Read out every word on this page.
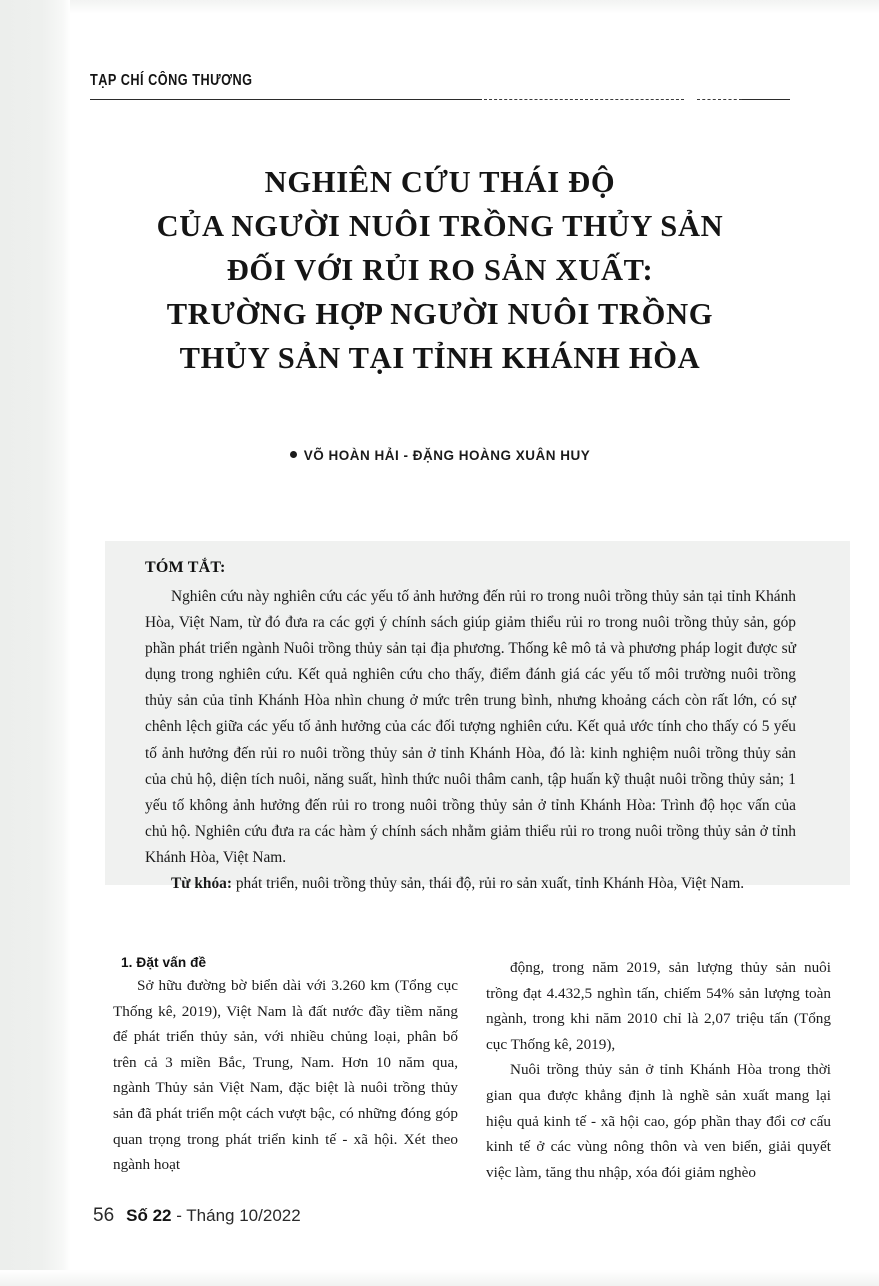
TẠP CHÍ CÔNG THƯƠNG
NGHIÊN CỨU THÁI ĐỘ
CỦA NGƯỜI NUÔI TRỒNG THỦY SẢN
ĐỐI VỚI RỦI RO SẢN XUẤT:
TRƯỜNG HỢP NGƯỜI NUÔI TRỒNG
THỦY SẢN TẠI TỈNH KHÁNH HÒA
VÕ HOÀN HẢI - ĐẶNG HOÀNG XUÂN HUY
TÓM TẮT:

Nghiên cứu này nghiên cứu các yếu tố ảnh hưởng đến rủi ro trong nuôi trồng thủy sản tại tỉnh Khánh Hòa, Việt Nam, từ đó đưa ra các gợi ý chính sách giúp giảm thiểu rủi ro trong nuôi trồng thủy sản, góp phần phát triển ngành Nuôi trồng thủy sản tại địa phương. Thống kê mô tả và phương pháp logit được sử dụng trong nghiên cứu. Kết quả nghiên cứu cho thấy, điểm đánh giá các yếu tố môi trường nuôi trồng thủy sản của tỉnh Khánh Hòa nhìn chung ở mức trên trung bình, nhưng khoảng cách còn rất lớn, có sự chênh lệch giữa các yếu tố ảnh hưởng của các đối tượng nghiên cứu. Kết quả ước tính cho thấy có 5 yếu tố ảnh hưởng đến rủi ro nuôi trồng thủy sản ở tỉnh Khánh Hòa, đó là: kinh nghiệm nuôi trồng thủy sản của chủ hộ, diện tích nuôi, năng suất, hình thức nuôi thâm canh, tập huấn kỹ thuật nuôi trồng thủy sản; 1 yếu tố không ảnh hưởng đến rủi ro trong nuôi trồng thủy sản ở tỉnh Khánh Hòa: Trình độ học vấn của chủ hộ. Nghiên cứu đưa ra các hàm ý chính sách nhằm giảm thiểu rủi ro trong nuôi trồng thủy sản ở tỉnh Khánh Hòa, Việt Nam.

Từ khóa: phát triển, nuôi trồng thủy sản, thái độ, rủi ro sản xuất, tỉnh Khánh Hòa, Việt Nam.

1. Đặt vấn đề

Sở hữu đường bờ biển dài với 3.260 km (Tổng cục Thống kê, 2019), Việt Nam là đất nước đầy tiềm năng để phát triển thủy sản, với nhiều chủng loại, phân bố trên cả 3 miền Bắc, Trung, Nam. Hơn 10 năm qua, ngành Thủy sản Việt Nam, đặc biệt là nuôi trồng thủy sản đã phát triển một cách vượt bậc, có những đóng góp quan trọng trong phát triển kinh tế - xã hội. Xét theo ngành hoạt

động, trong năm 2019, sản lượng thủy sản nuôi trồng đạt 4.432,5 nghìn tấn, chiếm 54% sản lượng toàn ngành, trong khi năm 2010 chỉ là 2,07 triệu tấn (Tổng cục Thống kê, 2019),

Nuôi trồng thủy sản ở tỉnh Khánh Hòa trong thời gian qua được khẳng định là nghề sản xuất mang lại hiệu quả kinh tế - xã hội cao, góp phần thay đổi cơ cấu kinh tế ở các vùng nông thôn và ven biển, giải quyết việc làm, tăng thu nhập, xóa đói giảm nghèo

56 Số 22 - Tháng 10/2022
